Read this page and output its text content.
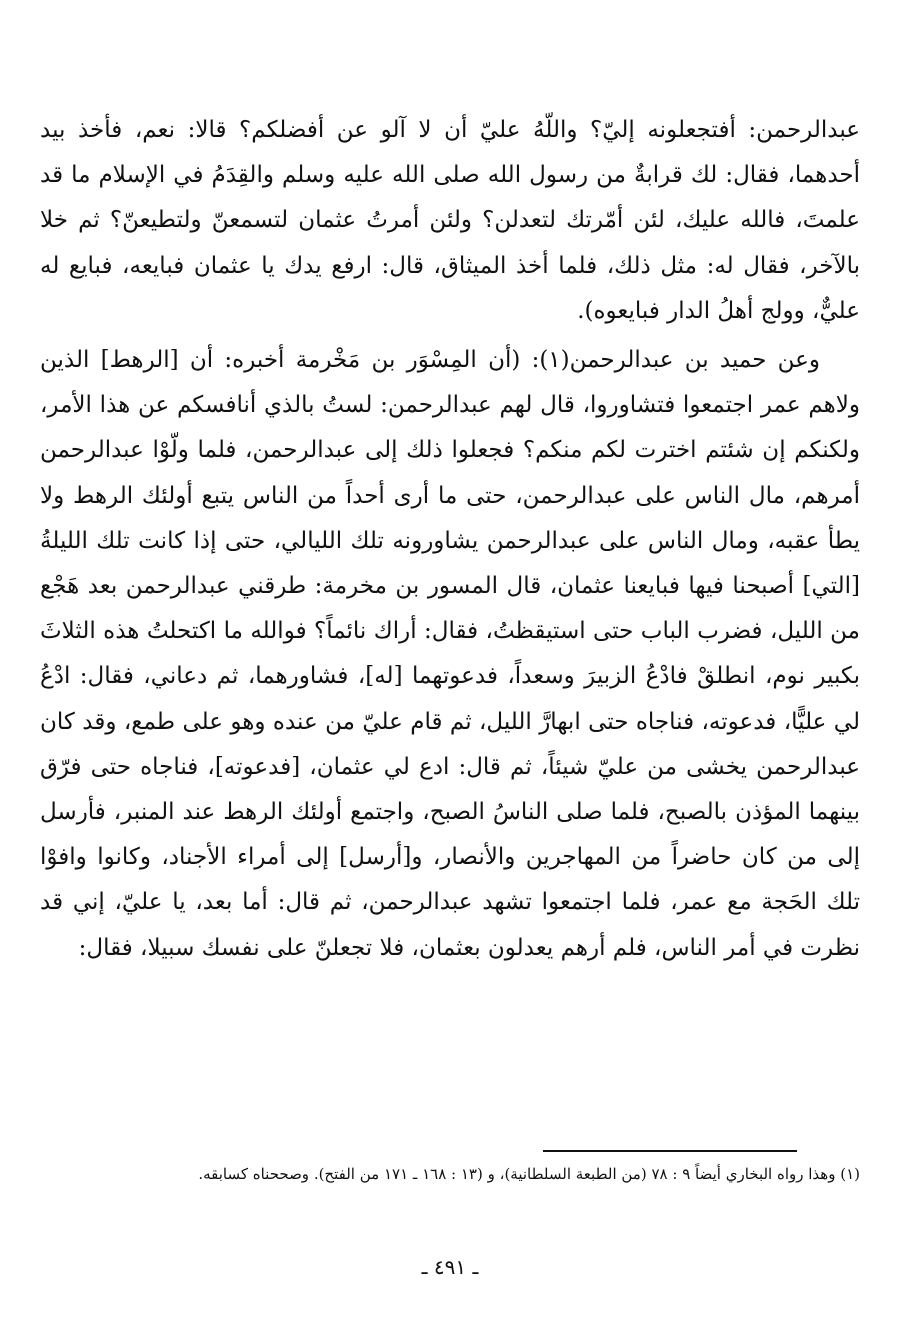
عبدالرحمن: أفتجعلونه إليّ؟ واللّهُ عليّ أن لا آلو عن أفضلكم؟ قالا: نعم، فأخذ بيد أحدهما، فقال: لك قرابةٌ من رسول الله صلى الله عليه وسلم والقِدَمُ في الإسلام ما قد علمتَ، فالله عليك، لئن أمّرتك لتعدلن؟ ولئن أمرتُ عثمان لتسمعنّ ولتطيعنّ؟ ثم خلا بالآخر، فقال له: مثل ذلك، فلما أخذ الميثاق، قال: ارفع يدك يا عثمان فبايعه، فبايع له عليٌّ، وولج أهلُ الدار فبايعوه).

وعن حميد بن عبدالرحمن(١): (أن المِسْوَر بن مَخْرمة أخبره: أن [الرهط] الذين ولاهم عمر اجتمعوا فتشاوروا، قال لهم عبدالرحمن: لستُ بالذي أنافسكم عن هذا الأمر، ولكنكم إن شئتم اخترت لكم منكم؟ فجعلوا ذلك إلى عبدالرحمن، فلما ولّوْا عبدالرحمن أمرهم، مال الناس على عبدالرحمن، حتى ما أرى أحداً من الناس يتبع أولئك الرهط ولا يطأ عقبه، ومال الناس على عبدالرحمن يشاورونه تلك الليالي، حتى إذا كانت تلك الليلةُ [التي] أصبحنا فيها فبايعنا عثمان، قال المسور بن مخرمة: طرقني عبدالرحمن بعد هَجْع من الليل، فضرب الباب حتى استيقظتُ، فقال: أراك نائماً؟ فوالله ما اكتحلتُ هذه الثلاثَ بكبير نوم، انطلقْ فادْعُ الزبيرَ وسعداً، فدعوتهما [له]، فشاورهما، ثم دعاني، فقال: ادْعُ لي عليًّا، فدعوته، فناجاه حتى ابهارَّ الليل، ثم قام عليّ من عنده وهو على طمع، وقد كان عبدالرحمن يخشى من عليّ شيئاً، ثم قال: ادع لي عثمان، [فدعوته]، فناجاه حتى فرّق بينهما المؤذن بالصبح، فلما صلى الناسُ الصبح، واجتمع أولئك الرهط عند المنبر، فأرسل إلى من كان حاضراً من المهاجرين والأنصار، و[أرسل] إلى أمراء الأجناد، وكانوا وافوْا تلك الحَجة مع عمر، فلما اجتمعوا تشهد عبدالرحمن، ثم قال: أما بعد، يا عليّ، إني قد نظرت في أمر الناس، فلم أرهم يعدلون بعثمان، فلا تجعلنّ على نفسك سبيلا، فقال:

(١) وهذا رواه البخاري أيضاً ٩ : ٧٨ (من الطبعة السلطانية)، و (١٣ : ١٦٨ ـ ١٧١ من الفتح). وصححناه كسابقه.
ـ ٤٩١ ـ
